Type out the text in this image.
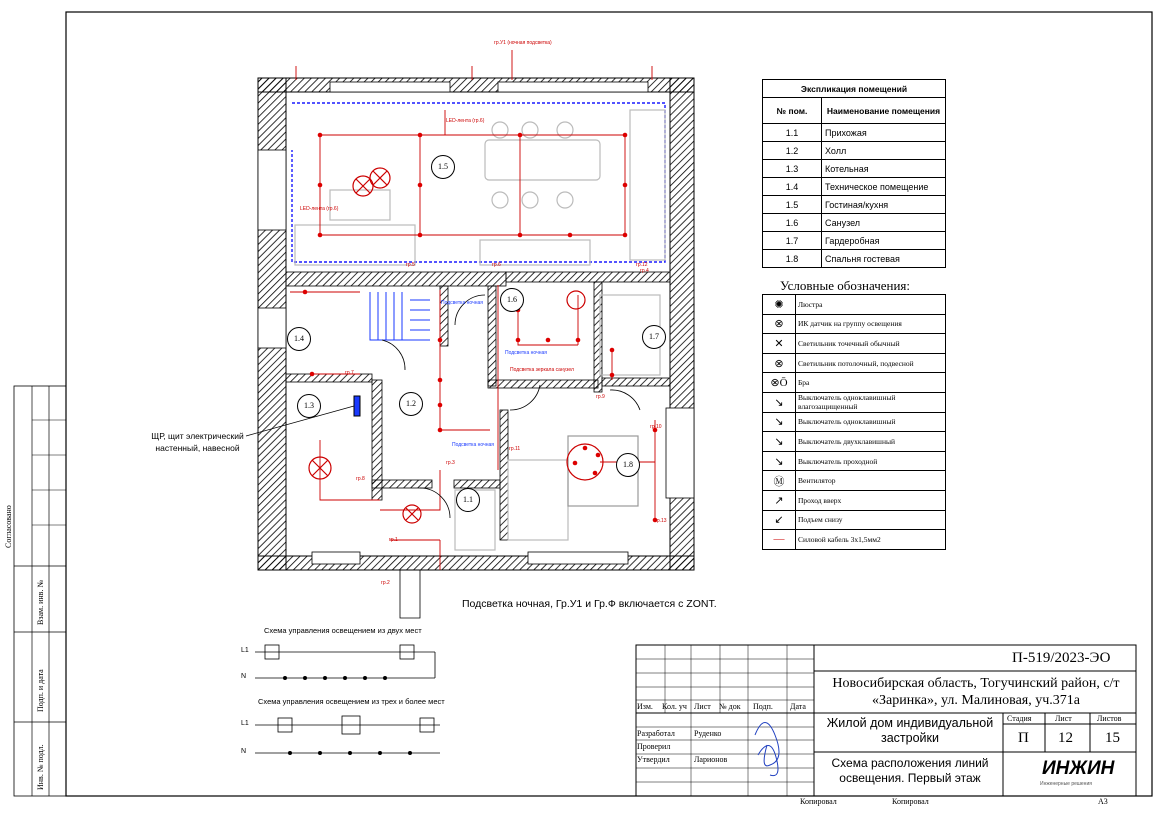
Согласовано
Взам. инв. №
Подп. и дата
Инв. № подл.
1.5
1.6
1.7
1.4
1.2
1.3
1.8
1.1
гр.У1 (ночная подсветка)
LED-лента (гр.6)
LED-лента (гр.6)
Подсветка ночная
Подсветка ночная
Подсветка ночная
Подсветка зеркала санузел
гр.5	гр.6
гр.7
гр.8
гр.9
гр.10
гр.11
гр.12
гр.13
гр.1
гр.2
гр.3
гр.4
ЩР, щит электрический настенный, навесной
Подсветка ночная, Гр.У1 и Гр.Ф включается с ZONT.
Схема управления освещением из двух мест
Схема управления освещением из трех и более мест
L1
N
L1
N
Экспликация помещений	
№ пом.	Наименование помещения
1.1	Прихожая
1.2	Холл
1.3	Котельная
1.4	Техническое помещение
1.5	Гостиная/кухня
1.6	Санузел
1.7	Гардеробная
1.8	Спальня гостевая
Условные обозначения:
✺	Люстра
⊗	ИК датчик на группу освещения
✕	Светильник точечный обычный
⊗	Светильник потолочный, подвесной
⊗Ō	Бра
↘	Выключатель одноклавишный влагозащищенный
↘	Выключатель одноклавишный
↘	Выключатель двухклавишный
↘	Выключатель проходной
Ⓜ	Вентилятор
↗	Проход вверх
↙	Подъем снизу
—	Силовой кабель 3х1,5мм2
П-519/2023-ЭО
Новосибирская область, Тогучинский район, с/т «Заринка», ул. Малиновая, уч.371а
Жилой дом индивидуальной застройки
Схема расположения линий освещения. Первый этаж
Стадия	Лист	Листов
П 12 15
Изм. Кол. уч Лист № док Подп. Дата
Разработал Руденко
Проверил
Утвердил	Ларионов	ИНЖИН
Инженерные решения
Копировал	Копировал	А3
